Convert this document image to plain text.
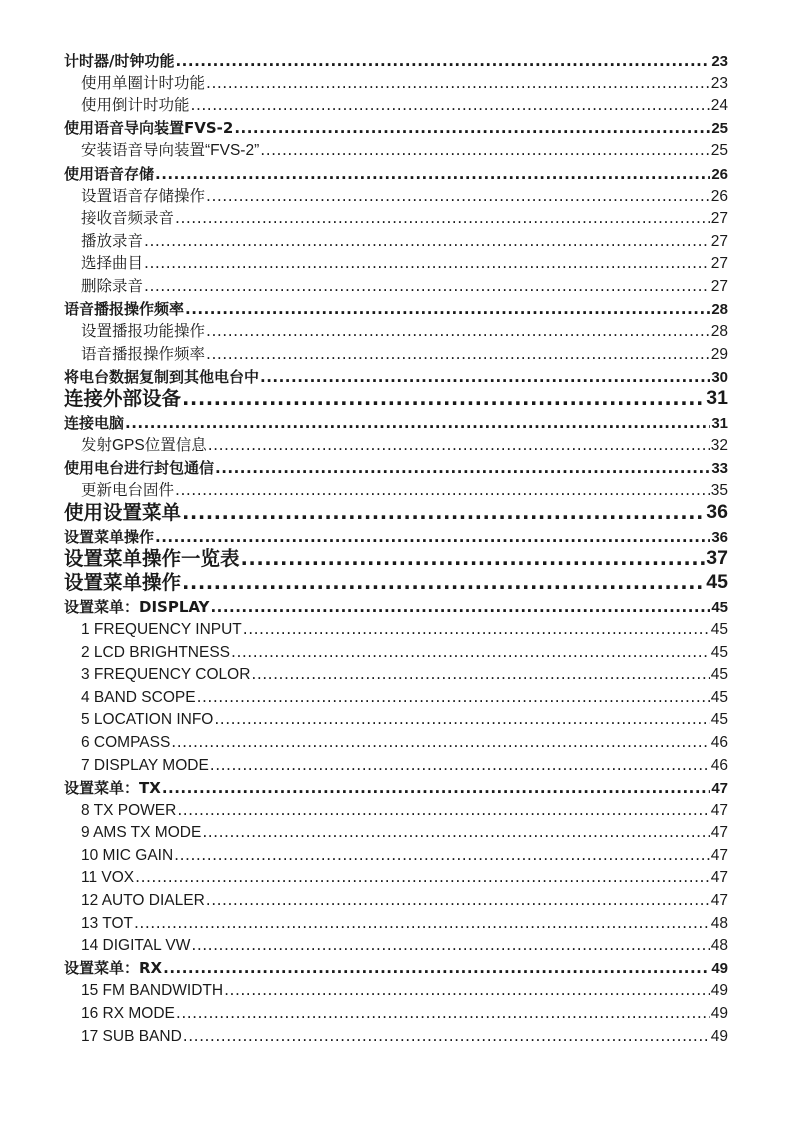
计时器/时钟功能 .....	23
使用单圈计时功能 .....	23
使用倒计时功能 .....	24
使用语音导向装置FVS-2 .....	25
安装语音导向装置“FVS-2” .....	25
使用语音存储 .....	26
设置语音存储操作 .....	26
接收音频录音 .....	27
播放录音 .....	27
选择曲目 .....	27
删除录音 .....	27
语音播报操作频率 .....	28
设置播报功能操作 .....	28
语音播报操作频率 .....	29
将电台数据复制到其他电台中 .....	30
连接外部设备 .....	31
连接电脑 .....	31
发射GPS位置信息 .....	32
使用电台进行封包通信 .....	33
更新电台固件 .....	35
使用设置菜单 .....	36
设置菜单操作 .....	36
设置菜单操作一览表 .....	37
设置菜单操作 .....	45
设置菜单：DISPLAY .....	45
1 FREQUENCY INPUT .....	45
2 LCD BRIGHTNESS .....	45
3 FREQUENCY COLOR .....	45
4 BAND SCOPE .....	45
5 LOCATION INFO .....	45
6 COMPASS .....	46
7 DISPLAY MODE .....	46
设置菜单：TX .....	47
8 TX POWER .....	47
9 AMS TX MODE .....	47
10 MIC GAIN .....	47
11 VOX .....	47
12 AUTO DIALER .....	47
13 TOT .....	48
14 DIGITAL VW .....	48
设置菜单：RX .....	49
15 FM BANDWIDTH .....	49
16 RX MODE .....	49
17 SUB BAND .....	49
